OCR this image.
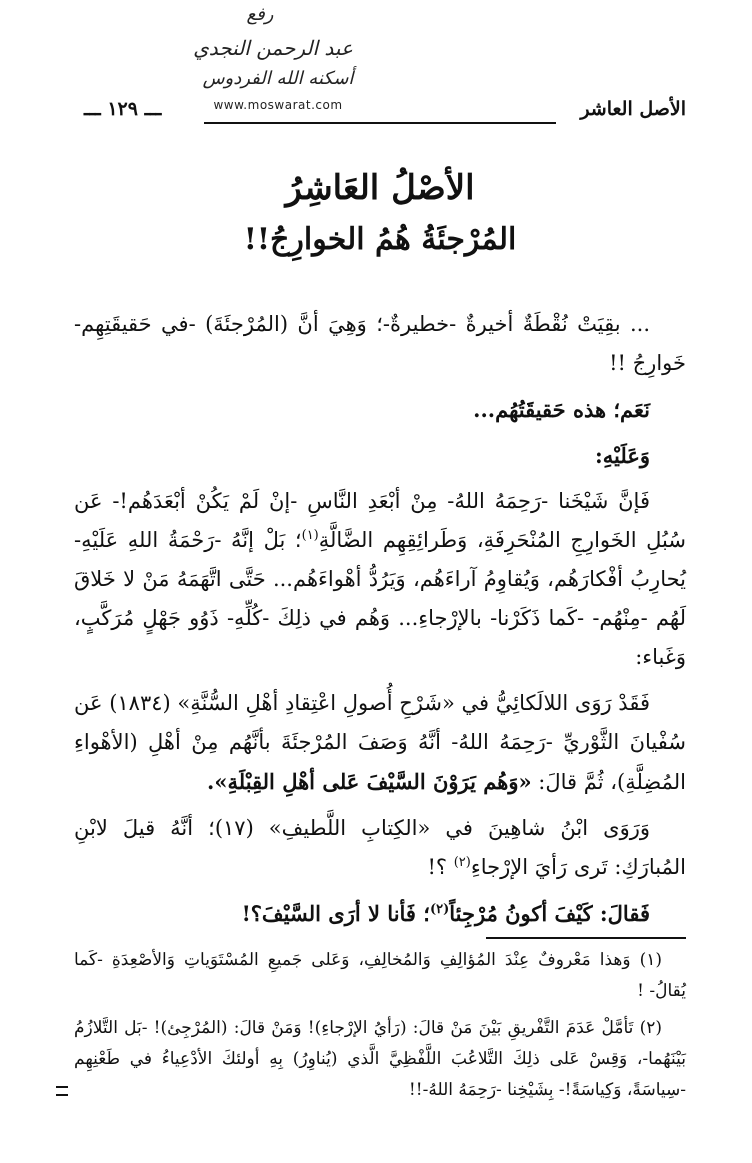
رفع
عبد الرحمن النجدي
أسكنه الله الفردوس
www.moswarat.com	الأصل العاشر
ـــ ١٢٩ ـــ
الأصْلُ العَاشِرُ
المُرْجئَةُ هُمُ الخوارِجُ!!

... بقِيَتْ نُقْطَةٌ أخيرةٌ -خطيرةٌ-؛ وَهِيَ أنَّ (المُرْجئَةَ) -في حَقيقَتِهِم- خَوارِجُ !!

نَعَم؛ هذه حَقيقَتُهُم...

وَعَلَيْهِ:

فَإنَّ شَيْخَنا -رَحِمَهُ اللهُ- مِنْ أبْعَدِ النَّاسِ -إنْ لَمْ يَكُنْ أبْعَدَهُم!- عَن سُبُلِ الخَوارِجِ المُنْحَرِفَةِ، وَطَرائِقِهِم الضَّالَّةِ$^{(١)}$؛ بَلْ إنَّهُ -رَحْمَةُ اللهِ عَلَيْهِ- يُحارِبُ أفْكارَهُم، وَيُقاوِمُ آراءَهُم، وَيَرُدُّ أهْواءَهُم... حَتَّى اتَّهَمَهُ مَنْ لا خَلاقَ لَهُم -مِنْهُم- -كَما ذَكَرْنا- بالإرْجاءِ... وَهُم في ذلِكَ -كُلِّهِ- ذَوُو جَهْلٍ مُرَكَّبٍ، وَغَباء:

فَقَدْ رَوَى اللالَكائِيُّ في «شَرْحِ أُصولِ اعْتِقادِ أهْلِ السُّنَّةِ» (١٨٣٤) عَن سُفْيانَ الثَّوْريِّ -رَحِمَهُ اللهُ- أنَّهُ وَصَفَ المُرْجئَةَ بأنَّهُم مِنْ أهْلِ (الأهْواءِ المُضِلَّةِ)، ثُمَّ قالَ: «وَهُم يَرَوْنَ السَّيْفَ عَلى أهْلِ القِبْلَةِ».

وَرَوَى ابْنُ شاهِينَ في «الكِتابِ اللَّطيفِ» (١٧)؛ أنَّهُ قيلَ لابْنِ المُبارَكِ: تَرى رَأيَ الإرْجاءِ$^{(٢)}$ ؟!

فَقالَ: كَيْفَ أكونُ مُرْجِئاً$^{(٢)}$؛ فَأنا لا أرَى السَّيْفَ؟!

(١) وَهذا مَعْروفٌ عِنْدَ المُؤالِفِ وَالمُخالِفِ، وَعَلى جَميعِ المُسْتَوَياتِ وَالأصْعِدَةِ -كَما يُقالُ- !

(٢) تَأمَّلْ عَدَمَ التَّفْريقِ بَيْنَ مَنْ قالَ: (رَأيُ الإرْجاءِ)! وَمَنْ قالَ: (المُرْجِئ)! -بَل التَّلازُمُ بَيْنَهُما-، وَقِسْ عَلى ذلِكَ التَّلاعُبَ اللَّفْظِيَّ الَّذي (يُناوِرُ) بِهِ أولئكَ الأدْعِياءُ في طَعْنِهِم -سِياسَةً، وَكِياسَةً!- بِشَيْخِنا -رَحِمَهُ اللهُ-!!
